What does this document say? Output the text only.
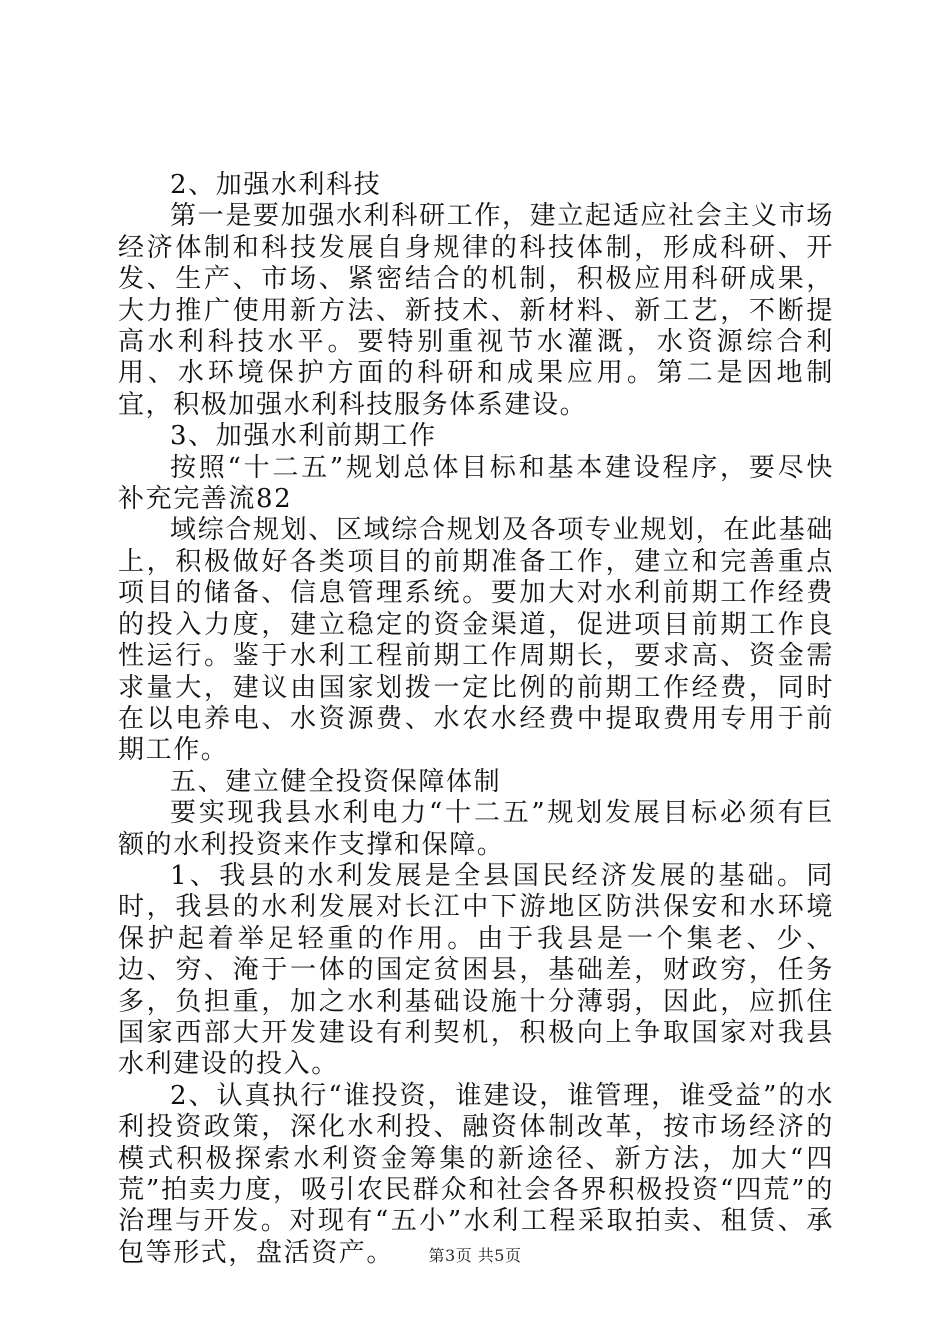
2、加强水利科技

第一是要加强水利科研工作，建立起适应社会主义市场经济体制和科技发展自身规律的科技体制，形成科研、开发、生产、市场、紧密结合的机制，积极应用科研成果，大力推广使用新方法、新技术、新材料、新工艺，不断提高水利科技水平。要特别重视节水灌溉，水资源综合利用、水环境保护方面的科研和成果应用。第二是因地制宜，积极加强水利科技服务体系建设。

3、加强水利前期工作

按照“十二五”规划总体目标和基本建设程序，要尽快补充完善流82

域综合规划、区域综合规划及各项专业规划，在此基础上，积极做好各类项目的前期准备工作，建立和完善重点项目的储备、信息管理系统。要加大对水利前期工作经费的投入力度，建立稳定的资金渠道，促进项目前期工作良性运行。鉴于水利工程前期工作周期长，要求高、资金需求量大，建议由国家划拨一定比例的前期工作经费，同时在以电养电、水资源费、水农水经费中提取费用专用于前期工作。

五、建立健全投资保障体制

要实现我县水利电力“十二五”规划发展目标必须有巨额的水利投资来作支撑和保障。

1、我县的水利发展是全县国民经济发展的基础。同时，我县的水利发展对长江中下游地区防洪保安和水环境保护起着举足轻重的作用。由于我县是一个集老、少、边、穷、淹于一体的国定贫困县，基础差，财政穷，任务多，负担重，加之水利基础设施十分薄弱，因此，应抓住国家西部大开发建设有利契机，积极向上争取国家对我县水利建设的投入。

2、认真执行“谁投资，谁建设，谁管理，谁受益”的水利投资政策，深化水利投、融资体制改革，按市场经济的模式积极探索水利资金筹集的新途径、新方法，加大“四荒”拍卖力度，吸引农民群众和社会各界积极投资“四荒”的治理与开发。对现有“五小”水利工程采取拍卖、租赁、承包等形式，盘活资产。	第3页 共5页
